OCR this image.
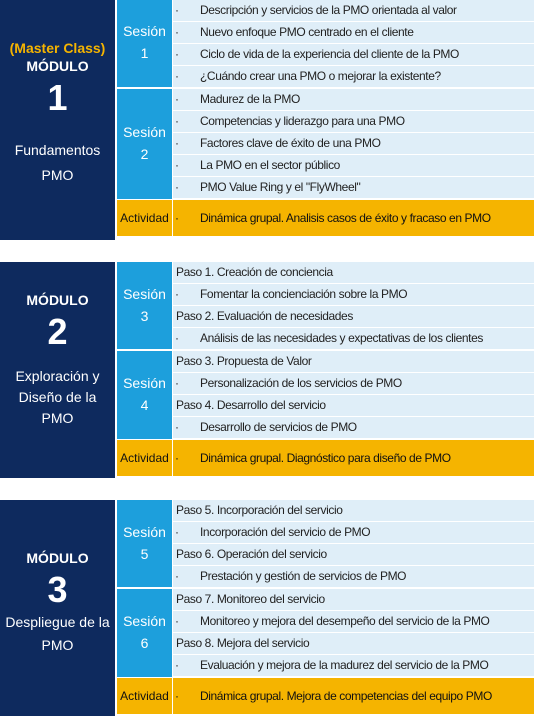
(Master Class)
MÓDULO
1
Fundamentos
PMO
Sesión
1
Sesión
2
· Descripción y servicios de la PMO orientada al valor
· Nuevo enfoque PMO centrado en el cliente
· Ciclo de vida de la experiencia del cliente de la PMO
· ¿Cuándo crear una PMO o mejorar la existente?
· Madurez de la PMO
· Competencias y liderazgo para una PMO
· Factores clave de éxito de una PMO
· La PMO en el sector público
· PMO Value Ring y el "FlyWheel"
Actividad · Dinámica grupal. Analisis casos de éxito y fracaso en PMO
MÓDULO
2
Exploración y
Diseño de la
PMO
Sesión
3
Sesión
4
Paso 1. Creación de conciencia
· Fomentar la concienciación sobre la PMO
Paso 2. Evaluación de necesidades
· Análisis de las necesidades y expectativas de los clientes
Paso 3. Propuesta de Valor
· Personalización de los servicios de PMO
Paso 4. Desarrollo del servicio
· Desarrollo de servicios de PMO
Actividad · Dinámica grupal. Diagnóstico para diseño de PMO
MÓDULO
3
Despliegue de la
PMO
Sesión
5
Sesión
6
Paso 5. Incorporación del servicio
· Incorporación del servicio de PMO
Paso 6. Operación del servicio
· Prestación y gestión de servicios de PMO
Paso 7. Monitoreo del servicio
· Monitoreo y mejora del desempeño del servicio de la PMO
Paso 8. Mejora del servicio
· Evaluación y mejora de la madurez del servicio de la PMO
Actividad · Dinámica grupal. Mejora de competencias del equipo PMO
